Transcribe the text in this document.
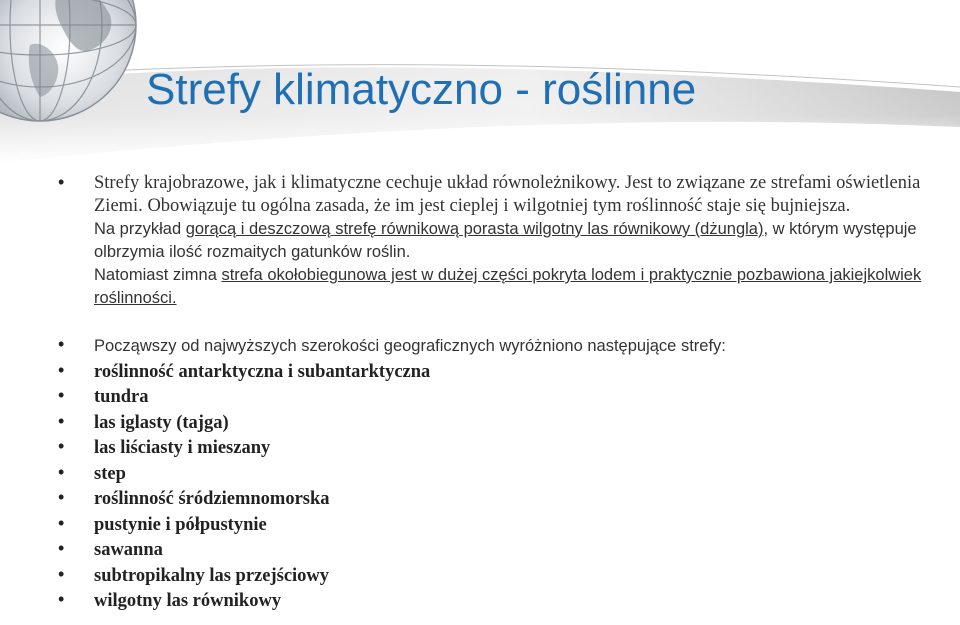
Strefy klimatyczno - roślinne
• Strefy krajobrazowe, jak i klimatyczne cechuje układ równoleżnikowy. Jest to związane ze strefami oświetlenia Ziemi. Obowiązuje tu ogólna zasada, że im jest cieplej i wilgotniej tym roślinność staje się bujniejsza.

Na przykład gorącą i deszczową strefę równikową porasta wilgotny las równikowy (dżungla), w którym występuje olbrzymia ilość rozmaitych gatunków roślin.

Natomiast zimna strefa okołobiegunowa jest w dużej części pokryta lodem i praktycznie pozbawiona jakiejkolwiek roślinności.

• Począwszy od najwyższych szerokości geograficznych wyróżniono następujące strefy:
• roślinność antarktyczna i subantarktyczna
• tundra
• las iglasty (tajga)
• las liściasty i mieszany
• step
• roślinność śródziemnomorska
• pustynie i półpustynie
• sawanna
• subtropikalny las przejściowy
• wilgotny las równikowy
